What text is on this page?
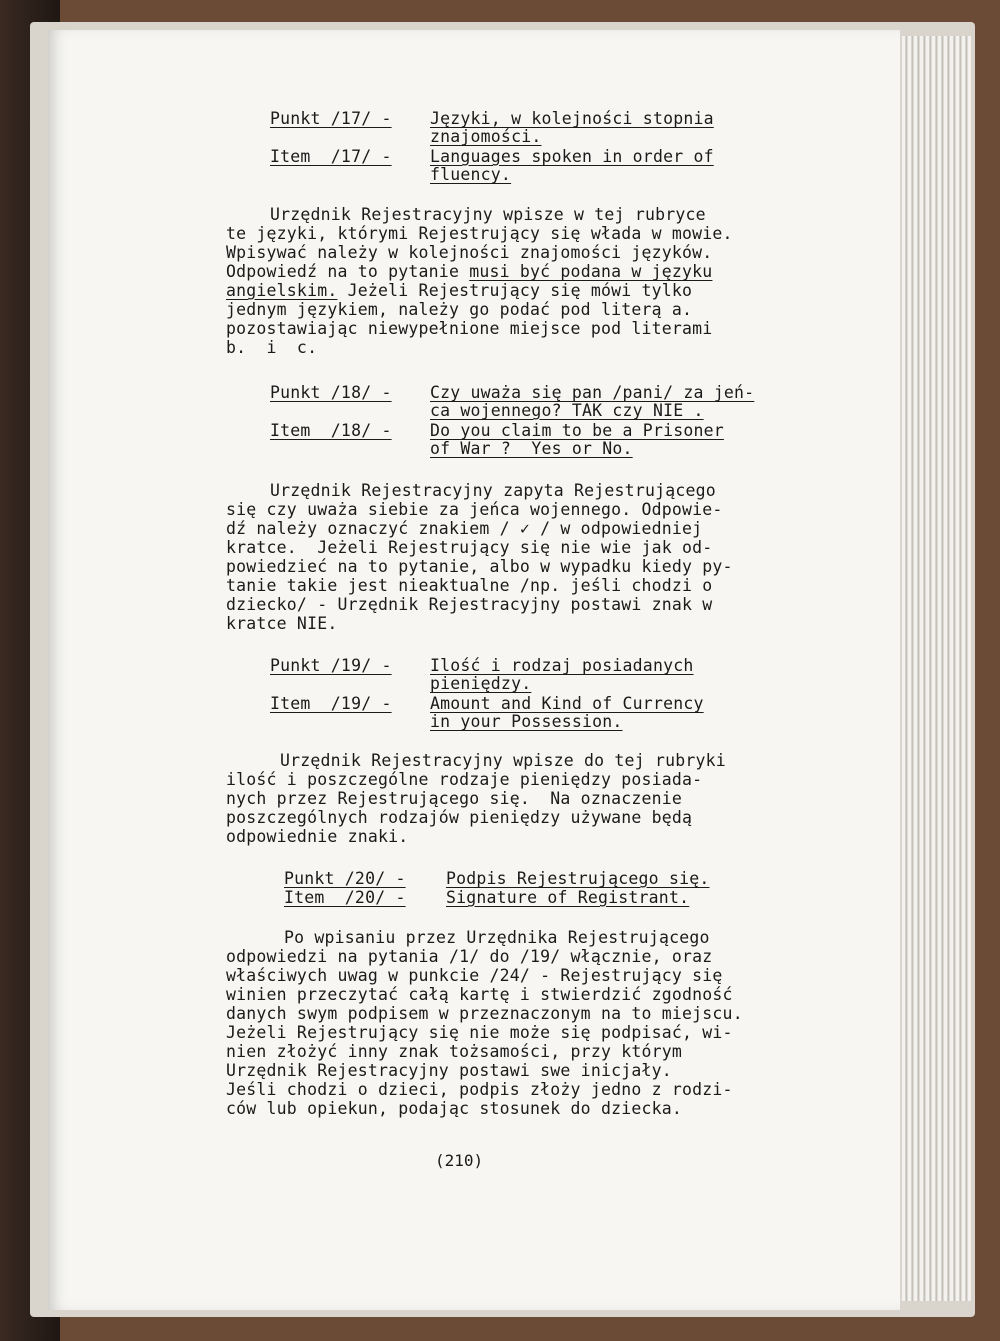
Punkt /17/ - Języki, w kolejności stopnia
znajomości.
Item  /17/ - Languages spoken in order of
fluency.
Urzędnik Rejestracyjny wpisze w tej rubryce
te języki, którymi Rejestrujący się włada w mowie.
Wpisywać należy w kolejności znajomości języków.
Odpowiedź na to pytanie musi być podana w języku
angielskim. Jeżeli Rejestrujący się mówi tylko
jednym językiem, należy go podać pod literą a.
pozostawiając niewypełnione miejsce pod literami
b.  i  c.
Punkt /18/ - Czy uważa się pan /pani/ za jeń-
ca wojennego? TAK czy NIE .
Item  /18/ - Do you claim to be a Prisoner
of War ?  Yes or No.
Urzędnik Rejestracyjny zapyta Rejestrującego
się czy uważa siebie za jeńca wojennego. Odpowie-
dź należy oznaczyć znakiem / ✓ / w odpowiedniej
kratce.  Jeżeli Rejestrujący się nie wie jak od-
powiedzieć na to pytanie, albo w wypadku kiedy py-
tanie takie jest nieaktualne /np. jeśli chodzi o
dziecko/ - Urzędnik Rejestracyjny postawi znak w
kratce NIE.
Punkt /19/ - Ilość i rodzaj posiadanych
pieniędzy.
Item  /19/ - Amount and Kind of Currency
in your Possession.
Urzędnik Rejestracyjny wpisze do tej rubryki
ilość i poszczególne rodzaje pieniędzy posiada-
nych przez Rejestrującego się.  Na oznaczenie
poszczególnych rodzajów pieniędzy używane będą
odpowiednie znaki.
Punkt /20/ - Podpis Rejestrującego się.
Item  /20/ - Signature of Registrant.
Po wpisaniu przez Urzędnika Rejestrującego
odpowiedzi na pytania /1/ do /19/ włącznie, oraz
właściwych uwag w punkcie /24/ - Rejestrujący się
winien przeczytać całą kartę i stwierdzić zgodność
danych swym podpisem w przeznaczonym na to miejscu.
Jeżeli Rejestrujący się nie może się podpisać, wi-
nien złożyć inny znak tożsamości, przy którym
Urzędnik Rejestracyjny postawi swe inicjały.
Jeśli chodzi o dzieci, podpis złoży jedno z rodzi-
ców lub opiekun, podając stosunek do dziecka.
(210)
